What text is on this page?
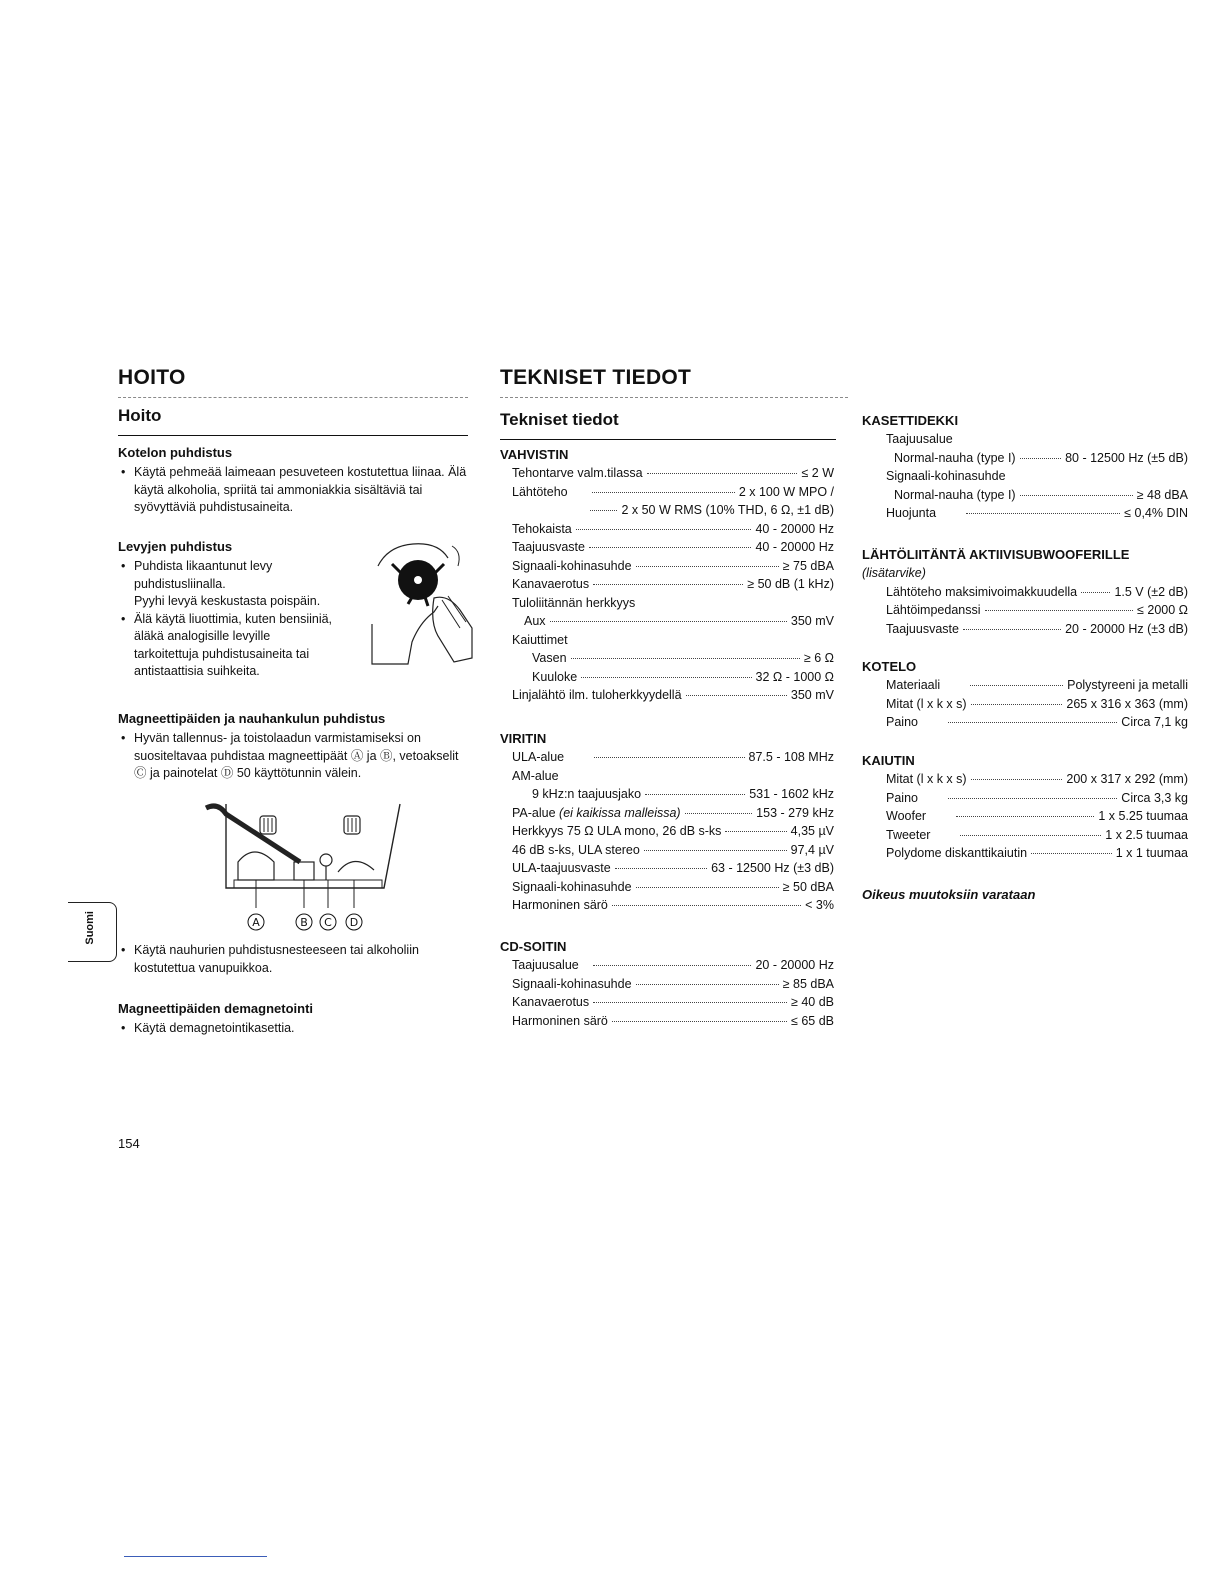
HOITO
Hoito

Kotelon puhdistus

• Käytä pehmeää laimeaan pesuveteen kostutettua liinaa. Älä käytä alkoholia, spriitä tai ammoniakkia sisältäviä tai syövyttäviä puhdistusaineita.

Levyjen puhdistus

• Puhdista likaantunut levy puhdistusliinalla.

Pyyhi levyä keskustasta poispäin.

• Älä käytä liuottimia, kuten bensiiniä, äläkä analogisille levyille tarkoitettuja puhdistusaineita tai antistaattisia suihkeita.

Magneettipäiden ja nauhankulun puhdistus

• Hyvän tallennus- ja toistolaadun varmistamiseksi on suositeltavaa puhdistaa magneettipäät Ⓐ ja Ⓑ, vetoakselit Ⓒ ja painotelat Ⓓ 50 käyttötunnin välein.

A	B C D

• Käytä nauhurien puhdistusnesteeseen tai alkoholiin kostutettua vanupuikkoa.

Magneettipäiden demagnetointi

• Käytä demagnetointikasettia.

TEKNISET TIEDOT
Tekniset tiedot

VAHVISTIN

Tehontarve valm.tilassa	≤ 2 W
Lähtöteho	2 x 100 W MPO /
2 x 50 W RMS (10% THD, 6 Ω, ±1 dB)
Tehokaista	40 - 20000 Hz
Taajuusvaste	40 - 20000 Hz
Signaali-kohinasuhde	≥ 75 dBA
Kanavaerotus	≥ 50 dB (1 kHz)
Tuloliitännän herkkyys
Aux	350 mV
Kaiuttimet
Vasen	≥ 6 Ω
Kuuloke	32 Ω - 1000 Ω
Linjalähtö ilm. tuloherkkyydellä	350 mV

VIRITIN

ULA-alue	87.5 - 108 MHz
AM-alue
9 kHz:n taajuusjako	531 - 1602 kHz
PA-alue (ei kaikissa malleissa)	153 - 279 kHz
Herkkyys 75 Ω ULA mono, 26 dB s-ks	4,35 µV
46 dB s-ks, ULA stereo	97,4 µV
ULA-taajuusvaste	63 - 12500 Hz (±3 dB)
Signaali-kohinasuhde	≥ 50 dBA
Harmoninen särö	< 3%

CD-SOITIN

Taajuusalue	20 - 20000 Hz
Signaali-kohinasuhde	≥ 85 dBA
Kanavaerotus	≥ 40 dB
Harmoninen särö	≤ 65 dB

KASETTIDEKKI

Taajuusalue
Normal-nauha (type I)	80 - 12500 Hz (±5 dB)
Signaali-kohinasuhde
Normal-nauha (type I)	≥ 48 dBA
Huojunta	≤ 0,4% DIN

LÄHTÖLIITÄNTÄ AKTIIVISUBWOOFERILLE

(lisätarvike)
Lähtöteho maksimivoimakkuudella	1.5 V (±2 dB)
Lähtöimpedanssi	≤ 2000 Ω
Taajuusvaste	20 - 20000 Hz (±3 dB)

KOTELO

Materiaali	Polystyreeni ja metalli
Mitat (l x k x s)	265 x 316 x 363 (mm)
Paino	Circa 7,1 kg

KAIUTIN

Mitat (l x k x s)	200 x 317 x 292 (mm)
Paino	Circa 3,3 kg
Woofer	1 x 5.25 tuumaa
Tweeter	1 x 2.5 tuumaa
Polydome diskanttikaiutin	1 x 1 tuumaa

Oikeus muutoksiin varataan

Suomi
154
